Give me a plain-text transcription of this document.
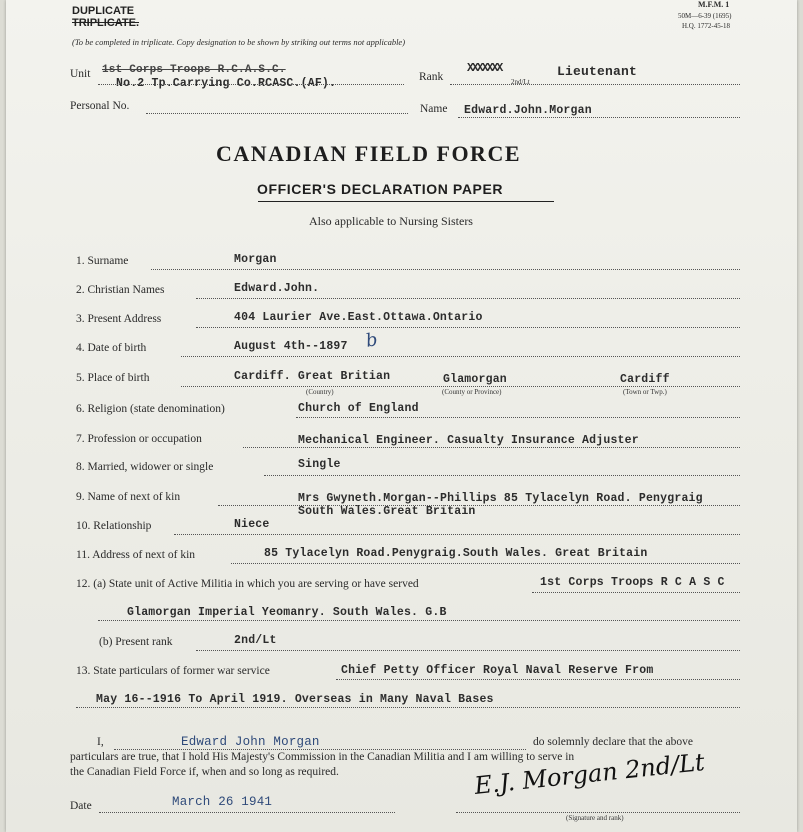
DUPLICATE
TRIPLICATE.
(To be completed in triplicate. Copy designation to be shown by striking out terms not applicable)
M.F.M. 1
50M—6-39 (1695)
H.Q. 1772-45-18
Unit 1st Corps Troops R.C.A.S.C.
No.2 Tp.Carrying Co.RCASC.(AF).	Rank
XXXXXXX	Lieutenant
2nd/Lt
Personal No.	Name Edward.John.Morgan
CANADIAN FIELD FORCE
OFFICER'S DECLARATION PAPER
Also applicable to Nursing Sisters
1. Surname	Morgan
2. Christian Names	Edward.John.
3. Present Address	404 Laurier Ave.East.Ottawa.Ontario
4. Date of birth	August 4th--1897 b
5. Place of birth	Cardiff. Great Britian	Glamorgan	Cardiff
(Country)	(County or Province)	(Town or Twp.)
6. Religion (state denomination)	Church of England
7. Profession or occupation	Mechanical Engineer. Casualty Insurance Adjuster
8. Married, widower or single	Single
9. Name of next of kin	Mrs Gwyneth.Morgan--Phillips 85 Tylacelyn Road. Penygraig
South Wales.Great Britain
10. Relationship	Niece
11. Address of next of kin	85 Tylacelyn Road.Penygraig.South Wales. Great Britain
12. (a) State unit of Active Militia in which you are serving or have served	1st Corps Troops R C A S C
Glamorgan Imperial Yeomanry. South Wales. G.B
(b) Present rank	2nd/Lt
13. State particulars of former war service	Chief Petty Officer Royal Naval Reserve From
May 16--1916 To April 1919. Overseas in Many Naval Bases
I,	Edward John Morgan	do solemnly declare that the above
particulars are true, that I hold His Majesty's Commission in the Canadian Militia and I am willing to serve in
the Canadian Field Force if, when and so long as required.
Date	March 26 1941
E.J. Morgan 2nd/Lt
(Signature and rank)
